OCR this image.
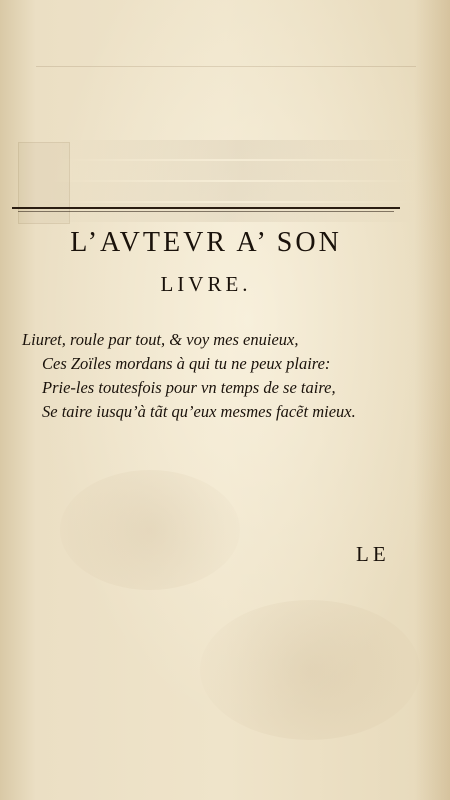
L’AVTEVR A’ SON
LIVRE.
Liuret, roule par tout, & voy mes enuieux,
Ces Zoïles mordans à qui tu ne peux plaire:
Prie-les toutesfois pour vn temps de se taire,
Se taire iusqu’à tãt qu’eux mesmes facẽt mieux.
LE
